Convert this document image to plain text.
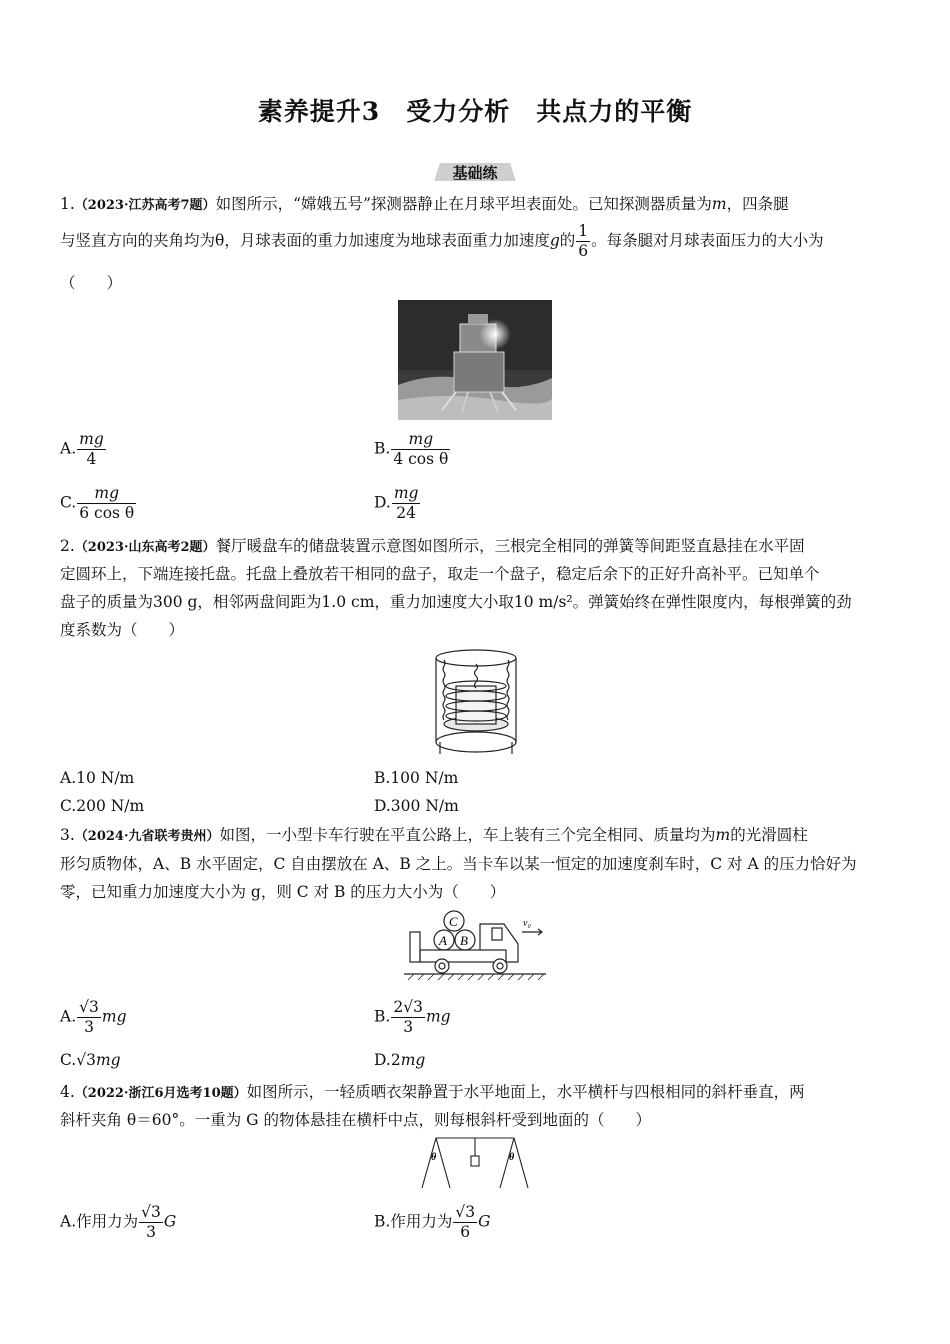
素养提升3　受力分析　共点力的平衡
基础练
1.（2023·江苏高考7题）如图所示，“嫦娥五号”探测器静止在月球平坦表面处。已知探测器质量为m，四条腿
与竖直方向的夹角均为θ，月球表面的重力加速度为地球表面重力加速度g的 $\frac{1}{6}$ 。每条腿对月球表面压力的大小为
（　　）
A. $\frac{mg}{4}$	B. $\frac{mg}{\text{4 cos θ}}$
C. $\frac{mg}{\text{6 cos θ}}$	D. $\frac{mg}{24}$
2.（2023·山东高考2题）餐厅暖盘车的储盘装置示意图如图所示，三根完全相同的弹簧等间距竖直悬挂在水平固
定圆环上，下端连接托盘。托盘上叠放若干相同的盘子，取走一个盘子，稳定后余下的正好升高补平。已知单个
盘子的质量为300 g，相邻两盘间距为1.0 cm，重力加速度大小取10 m/s²。弹簧始终在弹性限度内，每根弹簧的劲
度系数为（　　）
A.10 N/m	B.100 N/m
C.200 N/m	D.300 N/m
3.（2024·九省联考贵州）如图，一小型卡车行驶在平直公路上，车上装有三个完全相同、质量均为m的光滑圆柱
形匀质物体，A、B 水平固定，C 自由摆放在 A、B 之上。当卡车以某一恒定的加速度刹车时，C 对 A 的压力恰好为
零，已知重力加速度大小为 g，则 C 对 B 的压力大小为（　　）
A B
C	v₀
A. $\frac{√3}{3}$ mg	B. $\frac{2√3}{3}$ mg
C.√3mg	D.2mg
4.（2022·浙江6月选考10题）如图所示，一轻质晒衣架静置于水平地面上，水平横杆与四根相同的斜杆垂直，两
斜杆夹角 θ＝60°。一重为 G 的物体悬挂在横杆中点，则每根斜杆受到地面的（　　）
θ	θ
A.作用力为 $\frac{√3}{3}$ G	B.作用力为 $\frac{√3}{6}$ G
